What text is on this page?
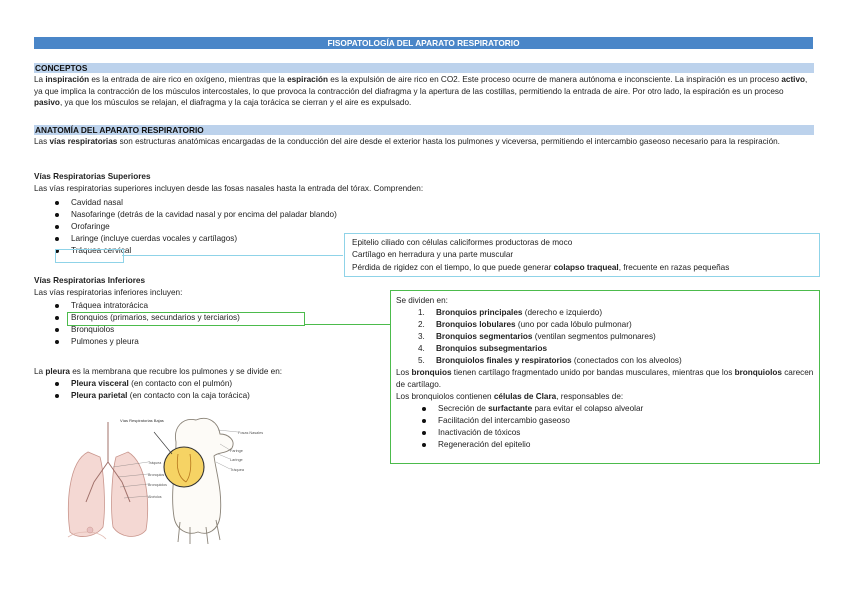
FISOPATOLOGÍA DEL APARATO RESPIRATORIO
CONCEPTOS
La inspiración es la entrada de aire rico en oxígeno, mientras que la espiración es la expulsión de aire rico en CO2. Este proceso ocurre de manera autónoma e inconsciente. La inspiración es un proceso activo, ya que implica la contracción de los músculos intercostales, lo que provoca la contracción del diafragma y la apertura de las costillas, permitiendo la entrada de aire. Por otro lado, la espiración es un proceso pasivo, ya que los músculos se relajan, el diafragma y la caja torácica se cierran y el aire es expulsado.
ANATOMÍA DEL APARATO RESPIRATORIO
Las vías respiratorias son estructuras anatómicas encargadas de la conducción del aire desde el exterior hasta los pulmones y viceversa, permitiendo el intercambio gaseoso necesario para la respiración.
Vías Respiratorias Superiores
Las vías respiratorias superiores incluyen desde las fosas nasales hasta la entrada del tórax. Comprenden:
Cavidad nasal
Nasofaringe (detrás de la cavidad nasal y por encima del paladar blando)
Orofaringe
Laringe (incluye cuerdas vocales y cartílagos)
Tráquea cervical
Epitelio ciliado con células caliciformes productoras de moco
Cartílago en herradura y una parte muscular
Pérdida de rigidez con el tiempo, lo que puede generar colapso traqueal, frecuente en razas pequeñas
Vías Respiratorias Inferiores
Las vías respiratorias inferiores incluyen:
Tráquea intratorácica
Bronquios (primarios, secundarios y terciarios)
Bronquiolos
Pulmones y pleura
Se dividen en:
1. Bronquios principales (derecho e izquierdo)
2. Bronquios lobulares (uno por cada lóbulo pulmonar)
3. Bronquios segmentarios (ventilan segmentos pulmonares)
4. Bronquios subsegmentarios
5. Bronquiolos finales y respiratorios (conectados con los alveolos)
Los bronquios tienen cartílago fragmentado unido por bandas musculares, mientras que los bronquiolos carecen de cartílago.
Los bronquiolos contienen células de Clara, responsables de:
Secreción de surfactante para evitar el colapso alveolar
Facilitación del intercambio gaseoso
Inactivación de tóxicos
Regeneración del epitelio
La pleura es la membrana que recubre los pulmones y se divide en:
Pleura visceral (en contacto con el pulmón)
Pleura parietal (en contacto con la caja torácica)
Tráquea
Bronquios
Bronquiolos
Alvéolos
Vías Respiratorias Bajas
Fosas Nasales
Faringe
Laringe
Tráquea
